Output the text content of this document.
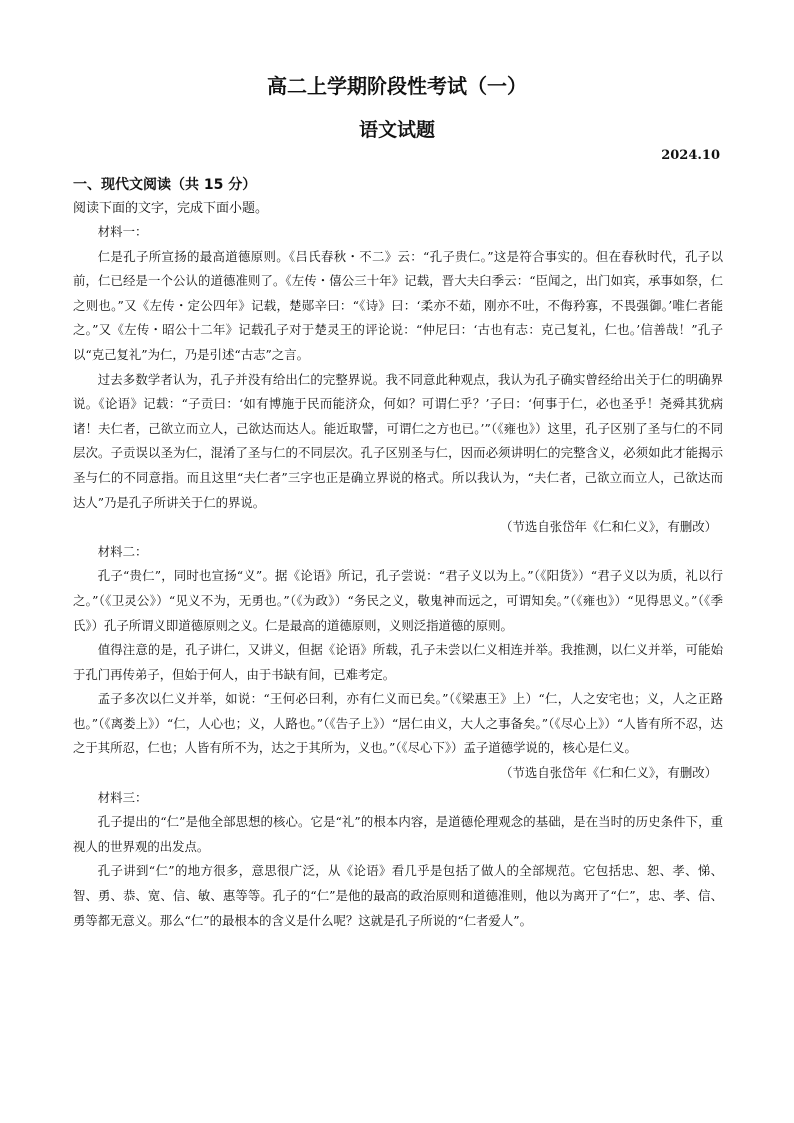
高二上学期阶段性考试（一）
语文试题
2024.10
一、现代文阅读（共 15 分）
阅读下面的文字，完成下面小题。

材料一：

仁是孔子所宣扬的最高道德原则。《吕氏春秋・不二》云：“孔子贵仁。”这是符合事实的。但在春秋时代，孔子以前，仁已经是一个公认的道德准则了。《左传・僖公三十年》记载，晋大夫臼季云：“臣闻之，出门如宾，承事如祭，仁之则也。”又《左传・定公四年》记载，楚郧辛曰：“《诗》曰：‘柔亦不茹，刚亦不吐，不侮矜寡，不畏强御。’唯仁者能之。”又《左传・昭公十二年》记载孔子对于楚灵王的评论说：“仲尼曰：‘古也有志：克己复礼，仁也。’信善哉！”孔子以“克己复礼”为仁，乃是引述“古志”之言。

过去多数学者认为，孔子并没有给出仁的完整界说。我不同意此种观点，我认为孔子确实曾经给出关于仁的明确界说。《论语》记载：“子贡曰：‘如有博施于民而能济众，何如？可谓仁乎？’子曰：‘何事于仁，必也圣乎！尧舜其犹病诸！夫仁者，己欲立而立人，己欲达而达人。能近取譬，可谓仁之方也已。’”（《雍也》）这里，孔子区别了圣与仁的不同层次。子贡误以圣为仁，混淆了圣与仁的不同层次。孔子区别圣与仁，因而必须讲明仁的完整含义，必须如此才能揭示圣与仁的不同意指。而且这里“夫仁者”三字也正是确立界说的格式。所以我认为，“夫仁者，己欲立而立人，己欲达而达人”乃是孔子所讲关于仁的界说。

（节选自张岱年《仁和仁义》，有删改）

材料二：

孔子“贵仁”，同时也宣扬“义”。据《论语》所记，孔子尝说：“君子义以为上。”（《阳货》）“君子义以为质，礼以行之。”（《卫灵公》）“见义不为，无勇也。”（《为政》）“务民之义，敬鬼神而远之，可谓知矣。”（《雍也》）“见得思义。”（《季氏》）孔子所谓义即道德原则之义。仁是最高的道德原则，义则泛指道德的原则。

值得注意的是，孔子讲仁，又讲义，但据《论语》所载，孔子未尝以仁义相连并举。我推测，以仁义并举，可能始于孔门再传弟子，但始于何人，由于书缺有间，已难考定。

孟子多次以仁义并举，如说：“王何必曰利，亦有仁义而已矣。”（《梁惠王》上）“仁，人之安宅也；义，人之正路也。”（《离娄上》）“仁，人心也；义，人路也。”（《告子上》）“居仁由义，大人之事备矣。”（《尽心上》）“人皆有所不忍，达之于其所忍，仁也；人皆有所不为，达之于其所为，义也。”（《尽心下》）孟子道德学说的，核心是仁义。

（节选自张岱年《仁和仁义》，有删改）

材料三：

孔子提出的“仁”是他全部思想的核心。它是“礼”的根本内容，是道德伦理观念的基础，是在当时的历史条件下，重视人的世界观的出发点。

孔子讲到“仁”的地方很多，意思很广泛，从《论语》看几乎是包括了做人的全部规范。它包括忠、恕、孝、悌、智、勇、恭、宽、信、敏、惠等等。孔子的“仁”是他的最高的政治原则和道德准则，他以为离开了“仁”，忠、孝、信、勇等都无意义。那么“仁”的最根本的含义是什么呢？这就是孔子所说的“仁者爱人”。
